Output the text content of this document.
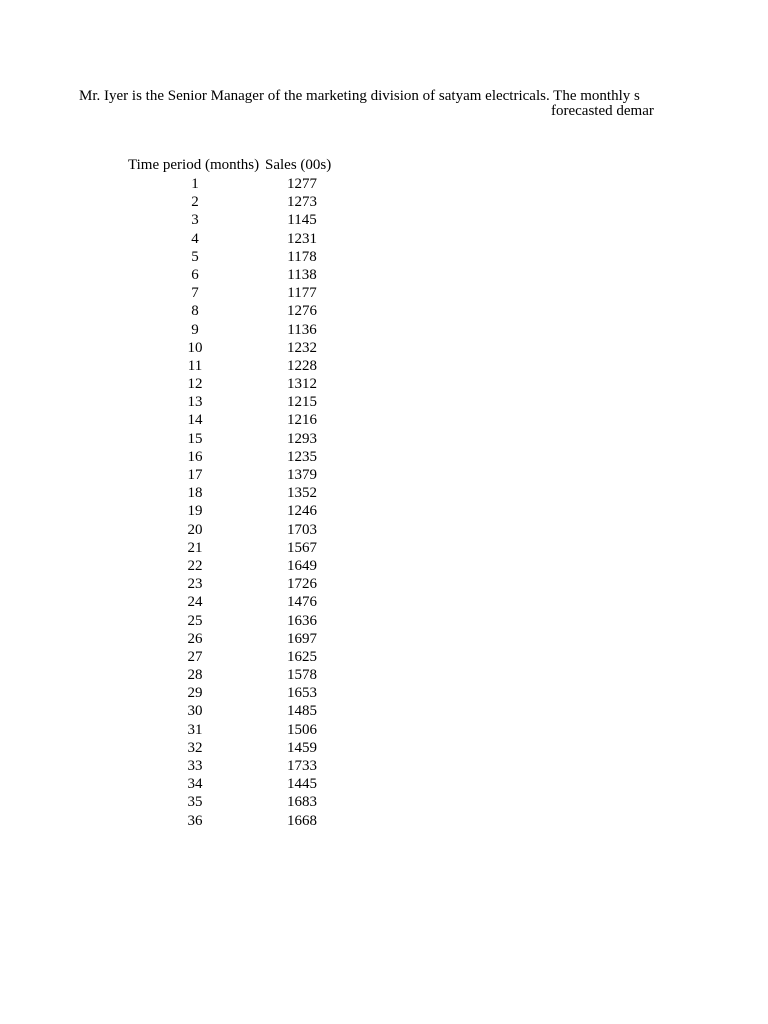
Mr. Iyer is the Senior Manager of the marketing division of satyam electricals. The monthly s
forecasted demar
Time period (months) Sales (00s)
1	1277
2	1273
3	1145
4	1231
5	1178
6	1138
7	1177
8	1276
9	1136
10	1232
11	1228
12	1312
13	1215
14	1216
15	1293
16	1235
17	1379
18	1352
19	1246
20	1703
21	1567
22	1649
23	1726
24	1476
25	1636
26	1697
27	1625
28	1578
29	1653
30	1485
31	1506
32	1459
33	1733
34	1445
35	1683
36	1668
